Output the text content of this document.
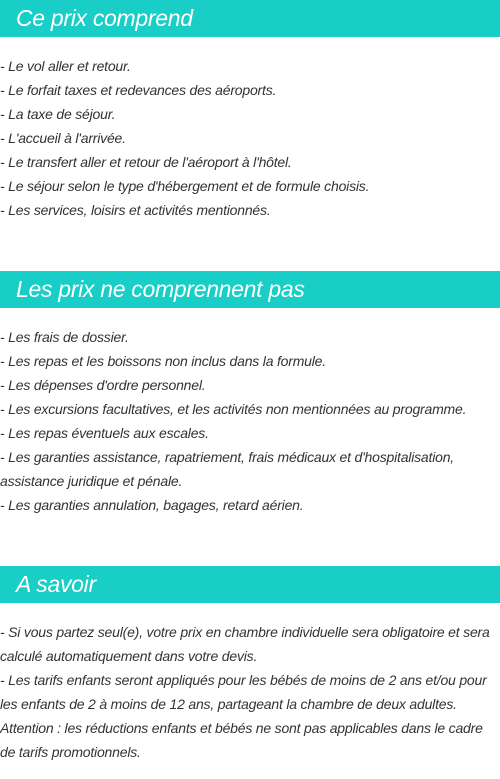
Ce prix comprend
- Le vol aller et retour.
- Le forfait taxes et redevances des aéroports.
- La taxe de séjour.
- L'accueil à l'arrivée.
- Le transfert aller et retour de l'aéroport à l'hôtel.
- Le séjour selon le type d'hébergement et de formule choisis.
- Les services, loisirs et activités mentionnés.
Les prix ne comprennent pas
- Les frais de dossier.
- Les repas et les boissons non inclus dans la formule.
- Les dépenses d'ordre personnel.
- Les excursions facultatives, et les activités non mentionnées au programme.
- Les repas éventuels aux escales.
- Les garanties assistance, rapatriement, frais médicaux et d'hospitalisation, assistance juridique et pénale.
- Les garanties annulation, bagages, retard aérien.
A savoir
- Si vous partez seul(e), votre prix en chambre individuelle sera obligatoire et sera calculé automatiquement dans votre devis.
- Les tarifs enfants seront appliqués pour les bébés de moins de 2 ans et/ou pour les enfants de 2 à moins de 12 ans, partageant la chambre de deux adultes. Attention : les réductions enfants et bébés ne sont pas applicables dans le cadre de tarifs promotionnels.
